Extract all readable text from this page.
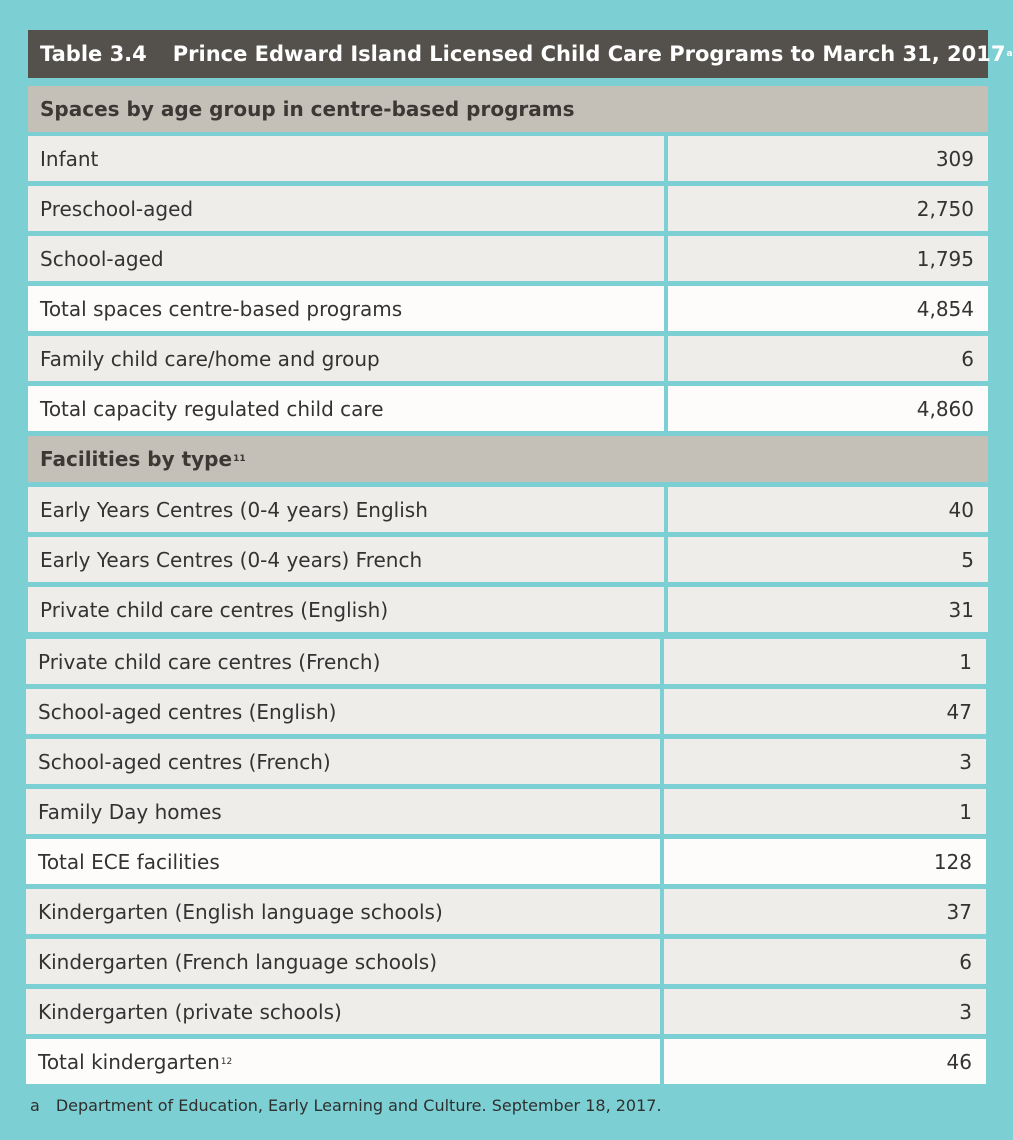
Table 3.4 Prince Edward Island Licensed Child Care Programs to March 31, 2017 a
Spaces by age group in centre-based programs
Infant	309
Preschool-aged	2,750
School-aged	1,795
Total spaces centre-based programs	4,854
Family child care/home and group	6
Total capacity regulated child care	4,860
Facilities by type 11
Early Years Centres (0-4 years) English	40
Early Years Centres (0-4 years) French	5
Private child care centres (English)	31
Private child care centres (French)	1
School-aged centres (English)	47
School-aged centres (French)	3
Family Day homes	1
Total ECE facilities	128
Kindergarten (English language schools)	37
Kindergarten (French language schools)	6
Kindergarten (private schools)	3
Total kindergarten 12	46
a Department of Education, Early Learning and Culture. September 18, 2017.
